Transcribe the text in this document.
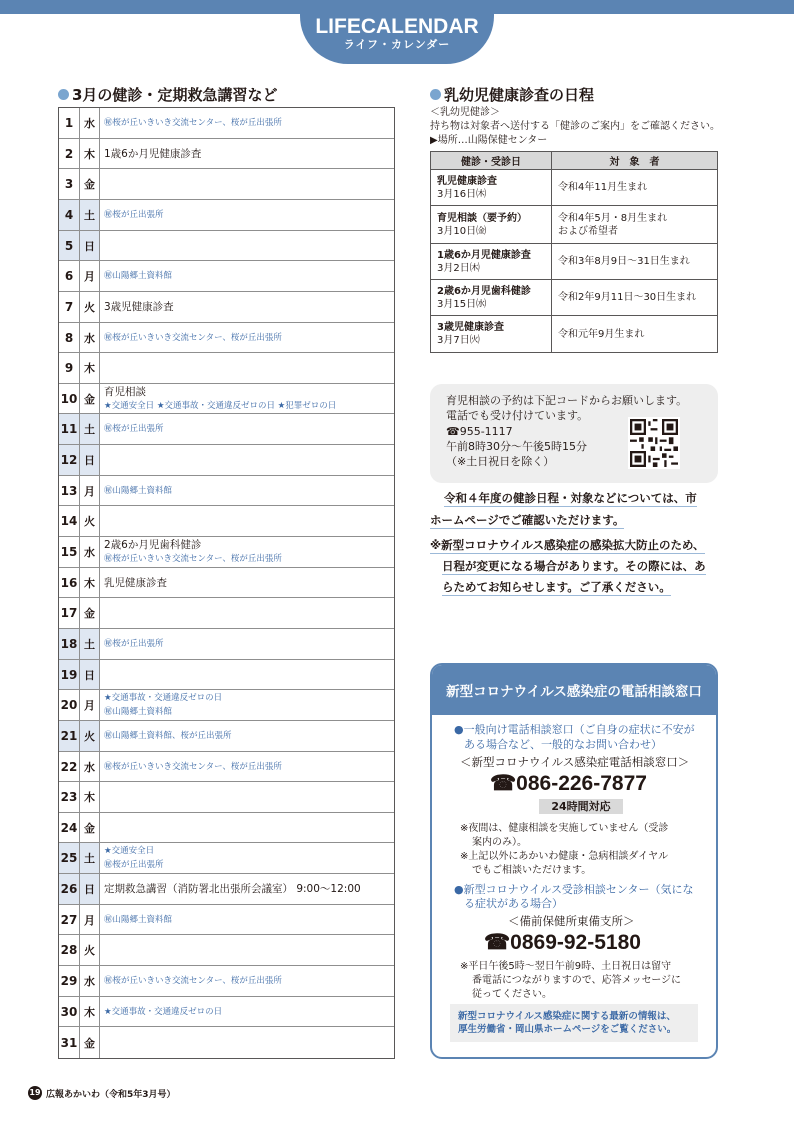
LIFECALENDAR
ライフ・カレンダー
3月の健診・定期救急講習など
1 水	㊙桜が丘いきいき交流センター、桜が丘出張所
2 木 1歳6か月児健康診査
3 金
4 土	㊙桜が丘出張所
5 日
6 月	㊙山陽郷土資料館
7 火 3歳児健康診査
8 水	㊙桜が丘いきいき交流センター、桜が丘出張所
9 木
10 金
育児相談
★交通安全日 ★交通事故・交通違反ゼロの日 ★犯罪ゼロの日
11 土	㊙桜が丘出張所
12 日
13 月	㊙山陽郷土資料館
14 火
15 水
2歳6か月児歯科健診
㊙桜が丘いきいき交流センター、桜が丘出張所
16 木 乳児健康診査
17 金
18 土	㊙桜が丘出張所
19 日
20 月
★交通事故・交通違反ゼロの日
㊙山陽郷土資料館
21 火	㊙山陽郷土資料館、桜が丘出張所
22 水	㊙桜が丘いきいき交流センター、桜が丘出張所
23 木
24 金
25 土
★交通安全日
㊙桜が丘出張所
26 日 定期救急講習（消防署北出張所会議室） 9:00～12:00
27 月	㊙山陽郷土資料館
28 火
29 水	㊙桜が丘いきいき交流センター、桜が丘出張所
30 木	★交通事故・交通違反ゼロの日
31 金
乳幼児健康診査の日程
＜乳幼児健診＞
持ち物は対象者へ送付する「健診のご案内」をご確認ください。
▶場所…山陽保健センター
健診・受診日	対　象　者

乳児健康診査
3月16日㈭	令和4年11月生まれ

育児相談（要予約）
3月10日㈮	令和4年5月・8月生まれ
および希望者

1歳6か月児健康診査
3月2日㈭	令和3年8月9日～31日生まれ

2歳6か月児歯科健診
3月15日㈬	令和2年9月11日～30日生まれ

3歳児健康診査
3月7日㈫	令和元年9月生まれ
育児相談の予約は下記コードからお願いします。
電話でも受け付けています。
☎955-1117
午前8時30分～午後5時15分
（※土日祝日を除く）
令和４年度の健診日程・対象などについては、市
ホームページでご確認いただけます。
※新型コロナウイルス感染症の感染拡大防止のため、
日程が変更になる場合があります。その際には、あ
らためてお知らせします。ご了承ください。
新型コロナウイルス感染症の電話相談窓口
●一般向け電話相談窓口（ご自身の症状に不安が
ある場合など、一般的なお問い合わせ）
＜新型コロナウイルス感染症電話相談窓口＞
☎086-226-7877
24時間対応
※夜間は、健康相談を実施していません（受診
案内のみ）。
※上記以外にあかいわ健康・急病相談ダイヤル
でもご相談いただけます。
●新型コロナウイルス受診相談センター（気にな
る症状がある場合）
＜備前保健所東備支所＞
☎0869-92-5180
※平日午後5時～翌日午前9時、土日祝日は留守
番電話につながりますので、応答メッセージに
従ってください。
新型コロナウイルス感染症に関する最新の情報は、
厚生労働省・岡山県ホームページをご覧ください。
19 広報あかいわ（令和5年3月号）
